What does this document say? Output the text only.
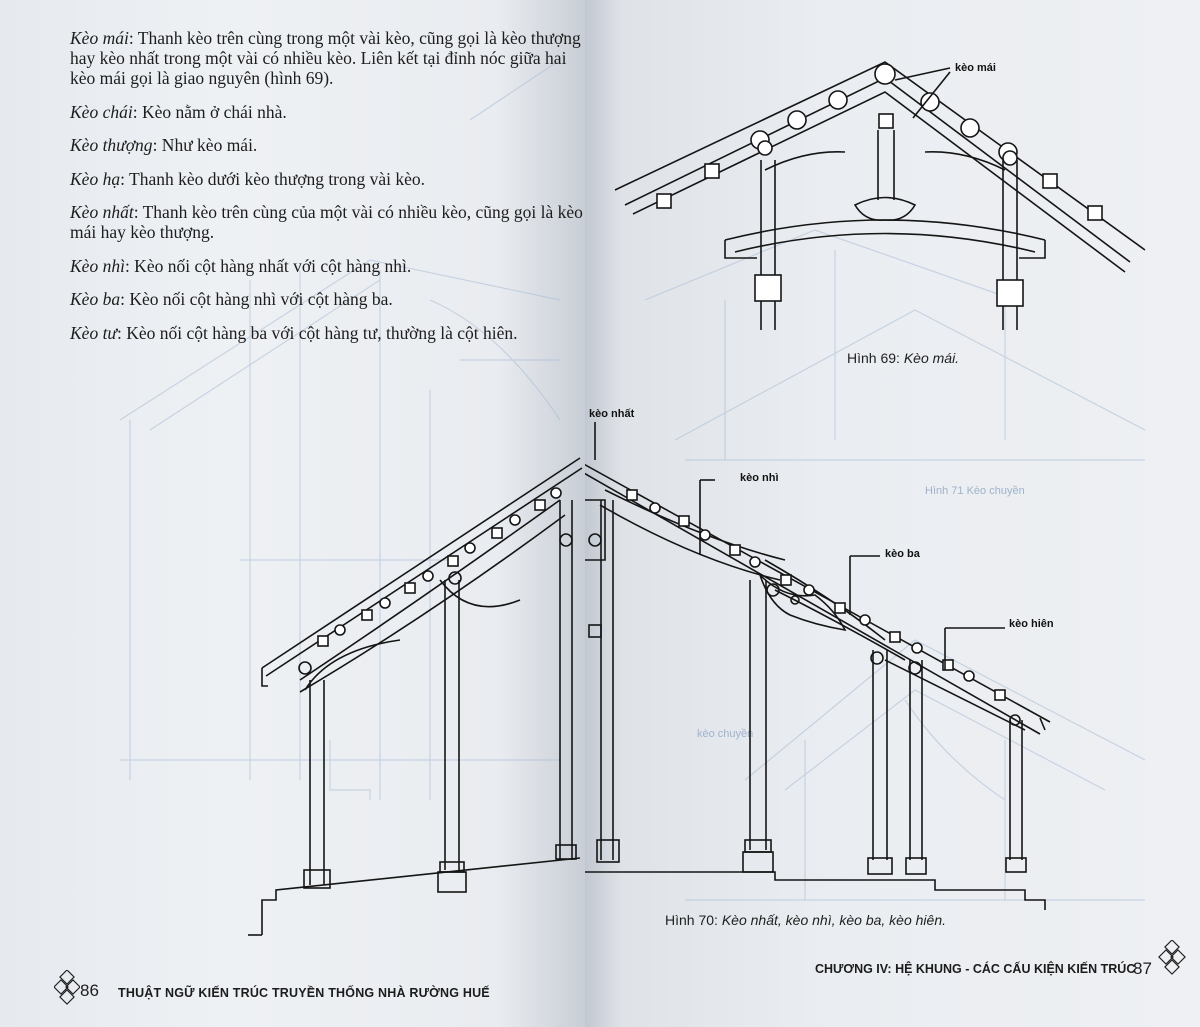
Kèo mái: Thanh kèo trên cùng trong một vài kèo, cũng gọi là kèo thượng hay kèo nhất trong một vài có nhiều kèo. Liên kết tại đỉnh nóc giữa hai kèo mái gọi là giao nguyên (hình 69).

Kèo chái: Kèo nằm ở chái nhà.

Kèo thượng: Như kèo mái.

Kèo hạ: Thanh kèo dưới kèo thượng trong vài kèo.

Kèo nhất: Thanh kèo trên cùng của một vài có nhiều kèo, cũng gọi là kèo mái hay kèo thượng.

Kèo nhì: Kèo nối cột hàng nhất với cột hàng nhì.

Kèo ba: Kèo nối cột hàng nhì với cột hàng ba.

Kèo tư: Kèo nối cột hàng ba với cột hàng tư, thường là cột hiên.

86 THUẬT NGỮ KIẾN TRÚC TRUYỀN THỐNG NHÀ RƯỜNG HUẾ
Hình 71 Kèo chuyền
kèo chuyền
kèo mái
Hình 69: Kèo mái.
kèo nhất
kèo nhì
kèo ba
kèo hiên
Hình 70: Kèo nhất, kèo nhì, kèo ba, kèo hiên.
CHƯƠNG IV: HỆ KHUNG - CÁC CẤU KIỆN KIẾN TRÚC
87
